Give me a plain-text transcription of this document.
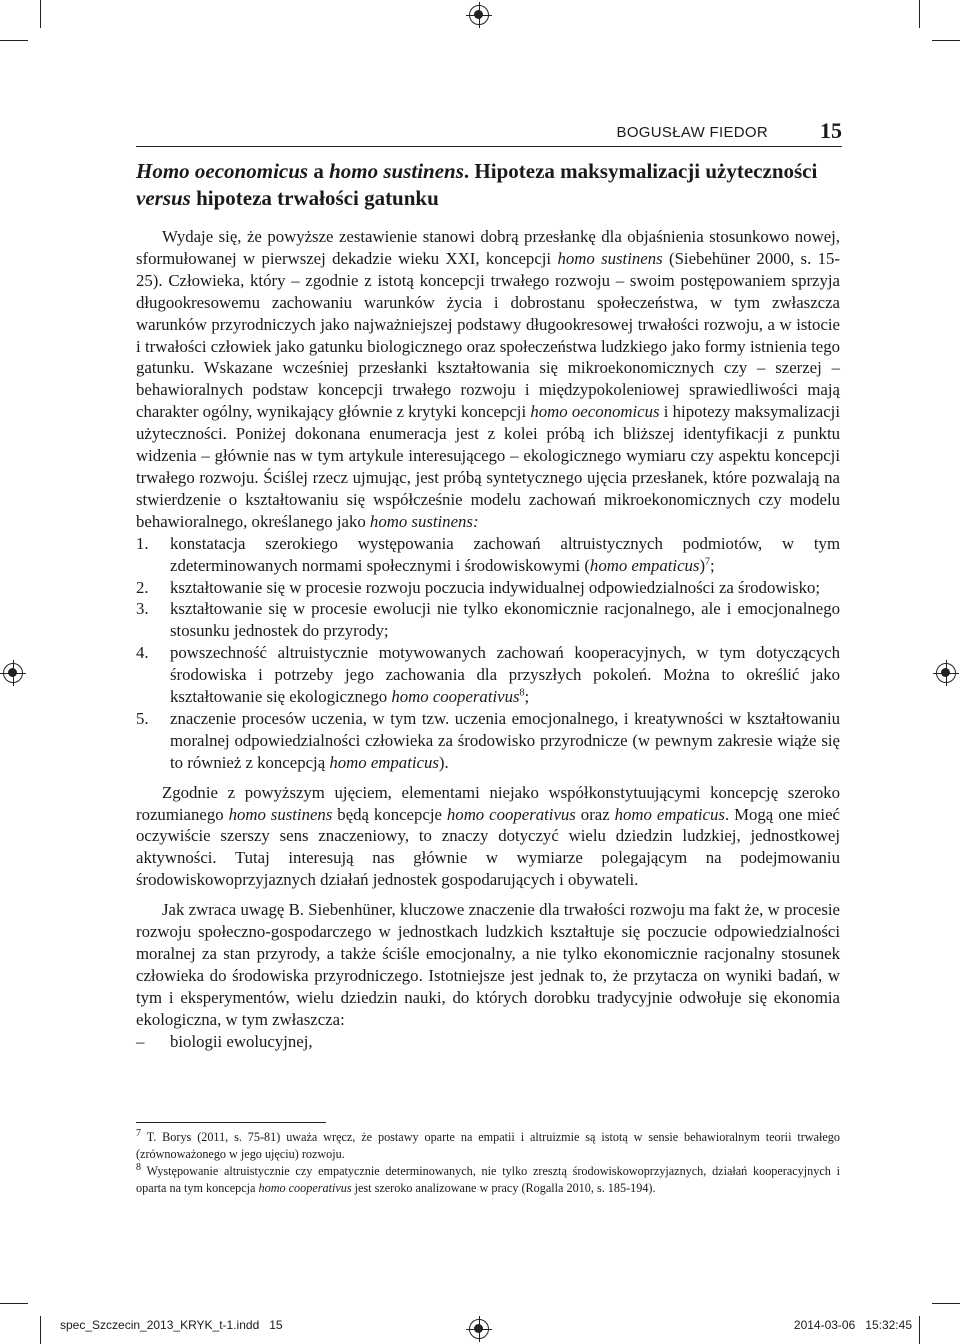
BOGUSŁAW FIEDOR 15
Homo oeconomicus a homo sustinens. Hipoteza maksymalizacji użyteczności versus hipoteza trwałości gatunku

Wydaje się, że powyższe zestawienie stanowi dobrą przesłankę dla objaśnienia stosunkowo nowej, sformułowanej w pierwszej dekadzie wieku XXI, koncepcji homo sustinens (Siebehüner 2000, s. 15-25). Człowieka, który – zgodnie z istotą koncepcji trwałego rozwoju – swoim postępowaniem sprzyja długookresowemu zachowaniu warunków życia i dobrostanu społeczeństwa, w tym zwłaszcza warunków przyrodniczych jako najważniejszej podstawy długookresowej trwałości rozwoju, a w istocie i trwałości człowiek jako gatunku biologicznego oraz społeczeństwa ludzkiego jako formy istnienia tego gatunku. Wskazane wcześniej przesłanki kształtowania się mikroekonomicznych czy – szerzej – behawioralnych podstaw koncepcji trwałego rozwoju i międzypokoleniowej sprawiedliwości mają charakter ogólny, wynikający głównie z krytyki koncepcji homo oeconomicus i hipotezy maksymalizacji użyteczności. Poniżej dokonana enumeracja jest z kolei próbą ich bliższej identyfikacji z punktu widzenia – głównie nas w tym artykule interesującego – ekologicznego wymiaru czy aspektu koncepcji trwałego rozwoju. Ściślej rzecz ujmując, jest próbą syntetycznego ujęcia przesłanek, które pozwalają na stwierdzenie o kształtowaniu się współcześnie modelu zachowań mikroekonomicznych czy modelu behawioralnego, określanego jako homo sustinens:

1. konstatacja szerokiego występowania zachowań altruistycznych podmiotów, w tym zdeterminowanych normami społecznymi i środowiskowymi (homo empaticus)$^7$;
2. kształtowanie się w procesie rozwoju poczucia indywidualnej odpowiedzialności za środowisko;
3. kształtowanie się w procesie ewolucji nie tylko ekonomicznie racjonalnego, ale i emocjonalnego stosunku jednostek do przyrody;
4. powszechność altruistycznie motywowanych zachowań kooperacyjnych, w tym dotyczących środowiska i potrzeby jego zachowania dla przyszłych pokoleń. Można to określić jako kształtowanie się ekologicznego homo cooperativus$^8$;
5. znaczenie procesów uczenia, w tym tzw. uczenia emocjonalnego, i kreatywności w kształtowaniu moralnej odpowiedzialności człowieka za środowisko przyrodnicze (w pewnym zakresie wiąże się to również z koncepcją homo empaticus).

Zgodnie z powyższym ujęciem, elementami niejako współkonstytuującymi koncepcję szeroko rozumianego homo sustinens będą koncepcje homo cooperativus oraz homo empaticus. Mogą one mieć oczywiście szerszy sens znaczeniowy, to znaczy dotyczyć wielu dziedzin ludzkiej, jednostkowej aktywności. Tutaj interesują nas głównie w wymiarze polegającym na podejmowaniu środowiskowoprzyjaznych działań jednostek gospodarujących i obywateli.

Jak zwraca uwagę B. Siebenhüner, kluczowe znaczenie dla trwałości rozwoju ma fakt że, w procesie rozwoju społeczno-gospodarczego w jednostkach ludzkich kształtuje się poczucie odpowiedzialności moralnej za stan przyrody, a także ściśle emocjonalny, a nie tylko ekonomicznie racjonalny stosunek człowieka do środowiska przyrodniczego. Istotniejsze jest jednak to, że przytacza on wyniki badań, w tym i eksperymentów, wielu dziedzin nauki, do których dorobku tradycyjnie odwołuje się ekonomia ekologiczna, w tym zwłaszcza:

– biologii ewolucyjnej,

$^7$ T. Borys (2011, s. 75-81) uważa wręcz, że postawy oparte na empatii i altruizmie są istotą w sensie behawioralnym teorii trwałego (zrównoważonego w jego ujęciu) rozwoju.

$^8$ Występowanie altruistycznie czy empatycznie determinowanych, nie tylko zresztą środowiskowoprzyjaznych, działań kooperacyjnych i oparta na tym koncepcja homo cooperativus jest szeroko analizowane w pracy (Rogalla 2010, s. 185-194).

spec_Szczecin_2013_KRYK_t-1.indd   15	2014-03-06   15:32:45
